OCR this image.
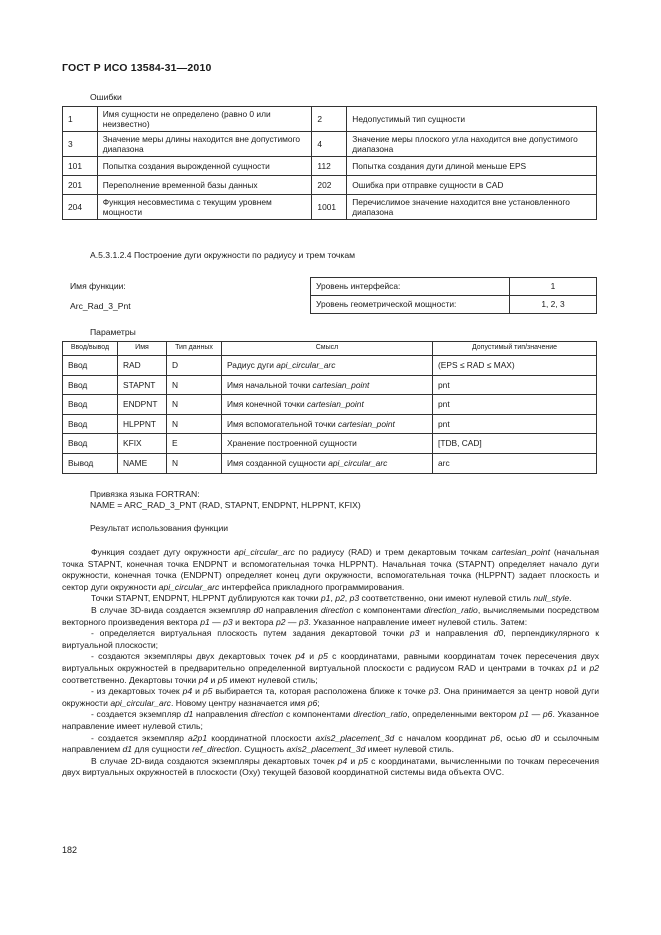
ГОСТ Р ИСО 13584-31—2010
Ошибки
1	Имя сущности не определено (равно 0 или неизвестно)	2	Недопустимый тип сущности
3	Значение меры длины находится вне допустимого диапазона	4	Значение меры плоского угла находится вне допустимого диапазона
101	Попытка создания вырожденной сущности	112	Попытка создания дуги длиной меньше EPS
201	Переполнение временной базы данных	202	Ошибка при отправке сущности в CAD
204	Функция несовместима с текущим уровнем мощности	1001	Перечислимое значение находится вне установленного диапазона
А.5.3.1.2.4 Построение дуги окружности по радиусу и трем точкам
Имя функции:
Arc_Rad_3_Pnt
Уровень интерфейса:	1
Уровень геометрической мощности:	1, 2, 3
Параметры
Ввод/вывод	Имя	Тип данных	Смысл	Допустимый тип/значение
Ввод	RAD	D	Радиус дуги api_circular_arc	(EPS ≤ RAD ≤ MAX)
Ввод	STAPNT	N	Имя начальной точки cartesian_point	pnt
Ввод	ENDPNT	N	Имя конечной точки cartesian_point	pnt
Ввод	HLPPNT	N	Имя вспомогательной точки cartesian_point	pnt
Ввод	KFIX	E	Хранение построенной сущности	[TDB, CAD]
Вывод	NAME	N	Имя созданной сущности api_circular_arc	arc
Привязка языка FORTRAN:
NAME = ARC_RAD_3_PNT (RAD, STAPNT, ENDPNT, HLPPNT, KFIX)
Результат использования функции

Функция создает дугу окружности api_circular_arc по радиусу (RAD) и трем декартовым точкам cartesian_point (начальная точка STAPNT, конечная точка ENDPNT и вспомогательная точка HLPPNT). Начальная точка (STAPNT) определяет начало дуги окружности, конечная точка (ENDPNT) определяет конец дуги окружности, вспомогательная точка (HLPPNT) задает плоскость и сектор дуги окружности api_circular_arc интерфейса прикладного программирования.

Точки STAPNT, ENDPNT, HLPPNT дублируются как точки p1, p2, p3 соответственно, они имеют нулевой стиль null_style.

В случае 3D-вида создается экземпляр d0 направления direction с компонентами direction_ratio, вычисляемыми посредством векторного произведения вектора p1 — p3 и вектора p2 — p3. Указанное направление имеет нулевой стиль. Затем:

- определяется виртуальная плоскость путем задания декартовой точки p3 и направления d0, перпендикулярного к виртуальной плоскости;

- создаются экземпляры двух декартовых точек p4 и p5 с координатами, равными координатам точек пересечения двух виртуальных окружностей в предварительно определенной виртуальной плоскости с радиусом RAD и центрами в точках p1 и p2 соответственно. Декартовы точки p4 и p5 имеют нулевой стиль;

- из декартовых точек p4 и p5 выбирается та, которая расположена ближе к точке p3. Она принимается за центр новой дуги окружности api_circular_arc. Новому центру назначается имя p6;

- создается экземпляр d1 направления direction с компонентами direction_ratio, определенными вектором p1 — p6. Указанное направление имеет нулевой стиль;

- создается экземпляр a2p1 координатной плоскости axis2_placement_3d с началом координат p6, осью d0 и ссылочным направлением d1 для сущности ref_direction. Сущность axis2_placement_3d имеет нулевой стиль.

В случае 2D-вида создаются экземпляры декартовых точек p4 и p5 с координатами, вычисленными по точкам пересечения двух виртуальных окружностей в плоскости (Oxy) текущей базовой координатной системы вида объекта OVC.

182
